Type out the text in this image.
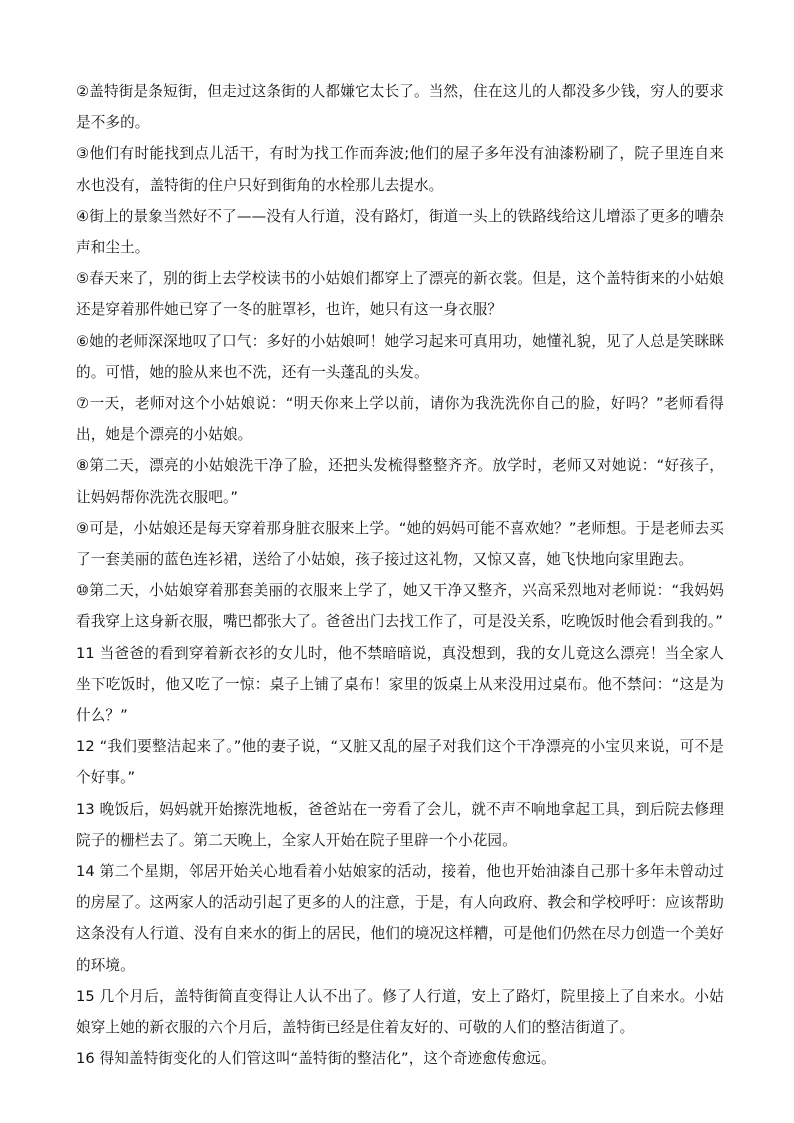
②盖特街是条短街，但走过这条街的人都嫌它太长了。当然，住在这儿的人都没多少钱，穷人的要求是不多的。

③他们有时能找到点儿活干，有时为找工作而奔波;他们的屋子多年没有油漆粉刷了，院子里连自来水也没有，盖特街的住户只好到街角的水栓那儿去提水。

④街上的景象当然好不了——没有人行道，没有路灯，街道一头上的铁路线给这儿增添了更多的嘈杂声和尘土。

⑤春天来了，别的街上去学校读书的小姑娘们都穿上了漂亮的新衣裳。但是，这个盖特街来的小姑娘还是穿着那件她已穿了一冬的脏罩衫，也许，她只有这一身衣服？

⑥她的老师深深地叹了口气：多好的小姑娘呵！她学习起来可真用功，她懂礼貌，见了人总是笑眯眯的。可惜，她的脸从来也不洗，还有一头蓬乱的头发。

⑦一天，老师对这个小姑娘说：“明天你来上学以前，请你为我洗洗你自己的脸，好吗？”老师看得出，她是个漂亮的小姑娘。

⑧第二天，漂亮的小姑娘洗干净了脸，还把头发梳得整整齐齐。放学时，老师又对她说：“好孩子，让妈妈帮你洗洗衣服吧。”

⑨可是，小姑娘还是每天穿着那身脏衣服来上学。“她的妈妈可能不喜欢她？”老师想。于是老师去买了一套美丽的蓝色连衫裙，送给了小姑娘，孩子接过这礼物，又惊又喜，她飞快地向家里跑去。

⑩第二天，小姑娘穿着那套美丽的衣服来上学了，她又干净又整齐，兴高采烈地对老师说：“我妈妈看我穿上这身新衣服，嘴巴都张大了。爸爸出门去找工作了，可是没关系，吃晚饭时他会看到我的。”

11 当爸爸的看到穿着新衣衫的女儿时，他不禁暗暗说，真没想到，我的女儿竟这么漂亮！当全家人坐下吃饭时，他又吃了一惊：桌子上铺了桌布！家里的饭桌上从来没用过桌布。他不禁问：“这是为什么？”

12 “我们要整洁起来了。”他的妻子说，“又脏又乱的屋子对我们这个干净漂亮的小宝贝来说，可不是个好事。”

13 晚饭后，妈妈就开始擦洗地板，爸爸站在一旁看了会儿，就不声不响地拿起工具，到后院去修理院子的栅栏去了。第二天晚上，全家人开始在院子里辟一个小花园。

14 第二个星期，邻居开始关心地看着小姑娘家的活动，接着，他也开始油漆自己那十多年未曾动过的房屋了。这两家人的活动引起了更多的人的注意，于是，有人向政府、教会和学校呼吁：应该帮助这条没有人行道、没有自来水的街上的居民，他们的境况这样糟，可是他们仍然在尽力创造一个美好的环境。

15 几个月后，盖特街简直变得让人认不出了。修了人行道，安上了路灯，院里接上了自来水。小姑娘穿上她的新衣服的六个月后，盖特街已经是住着友好的、可敬的人们的整洁街道了。

16 得知盖特街变化的人们管这叫“盖特街的整洁化”，这个奇迹愈传愈远。
